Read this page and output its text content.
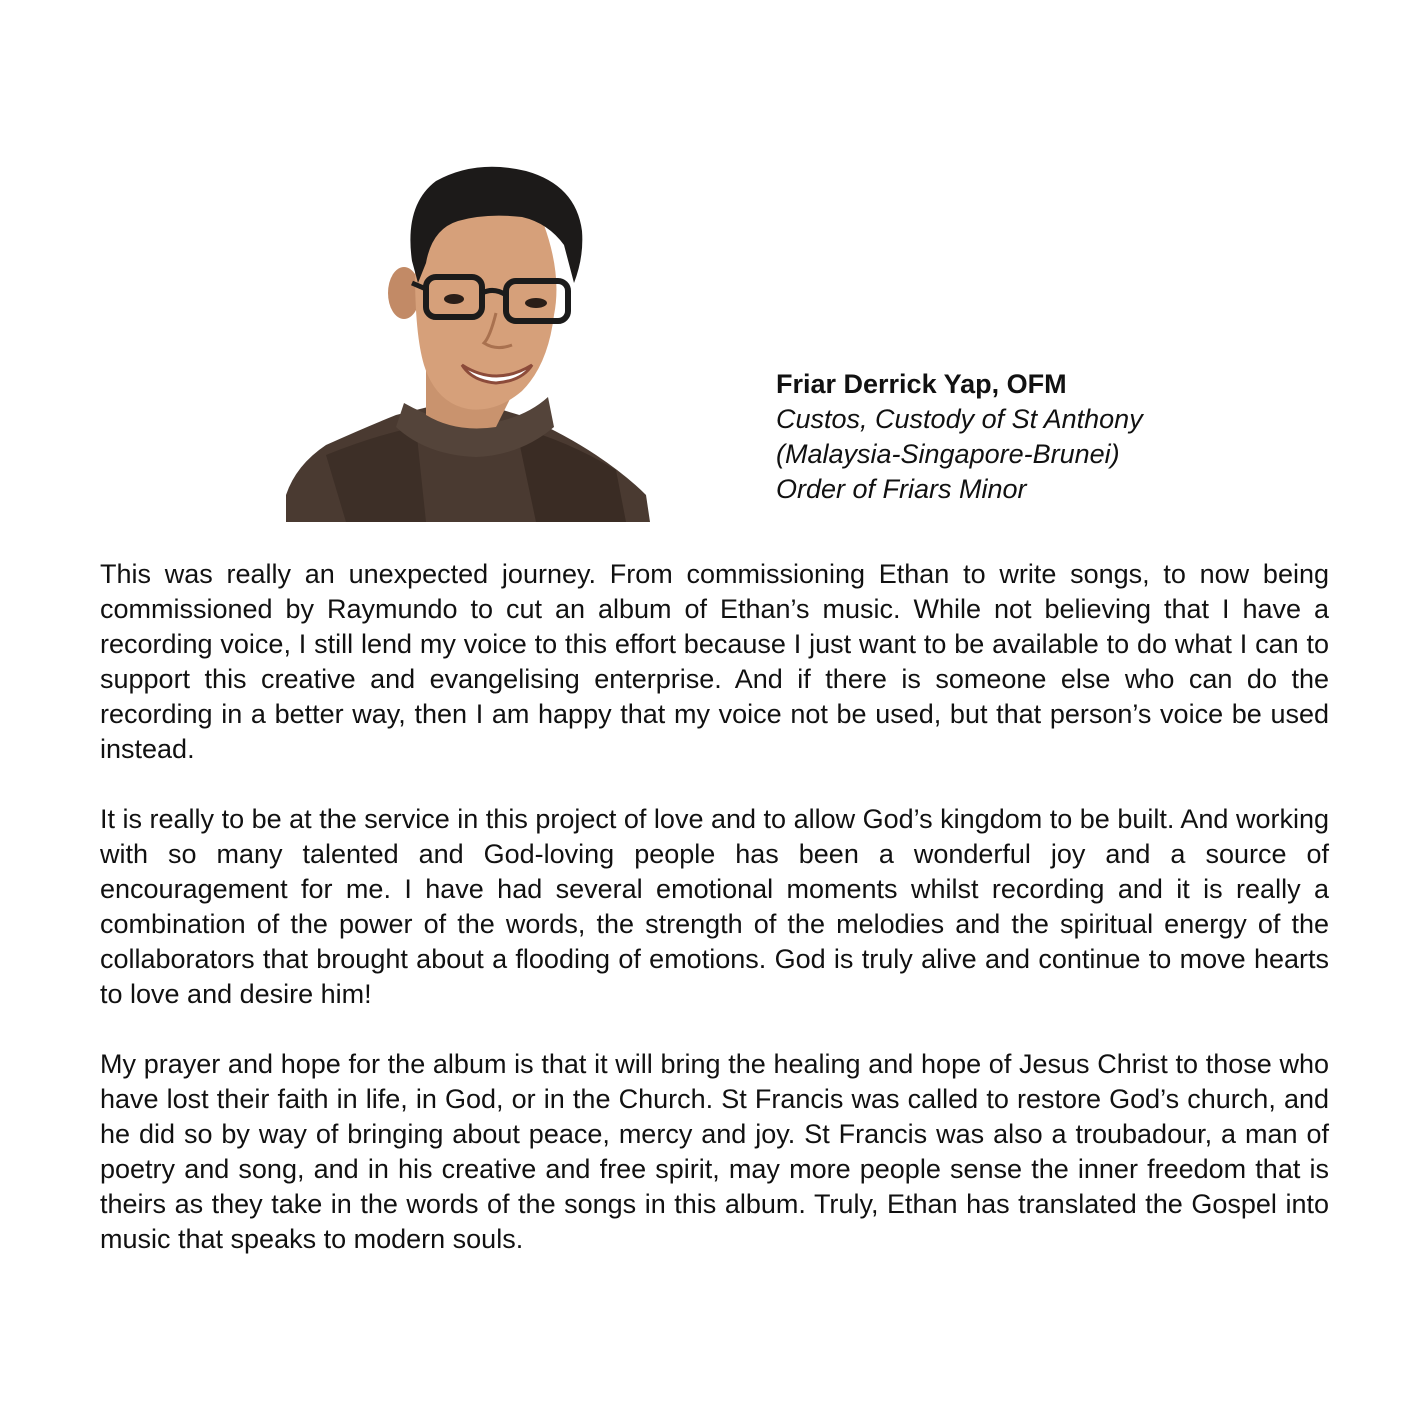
Friar Derrick Yap, OFM
Custos, Custody of St Anthony
(Malaysia-Singapore-Brunei)
Order of Friars Minor

This was really an unexpected journey. From commissioning Ethan to write songs, to now being commissioned by Raymundo to cut an album of Ethan’s music. While not believing that I have a recording voice, I still lend my voice to this effort because I just want to be available to do what I can to support this creative and evangelising enterprise. And if there is someone else who can do the recording in a better way, then I am happy that my voice not be used, but that person’s voice be used instead.

It is really to be at the service in this project of love and to allow God’s kingdom to be built. And working with so many talented and God-loving people has been a wonderful joy and a source of encouragement for me. I have had several emotional moments whilst recording and it is really a combination of the power of the words, the strength of the melodies and the spiritual energy of the collaborators that brought about a flooding of emotions. God is truly alive and continue to move hearts to love and desire him!

My prayer and hope for the album is that it will bring the healing and hope of Jesus Christ to those who have lost their faith in life, in God, or in the Church. St Francis was called to restore God’s church, and he did so by way of bringing about peace, mercy and joy. St Francis was also a troubadour, a man of poetry and song, and in his creative and free spirit, may more people sense the inner freedom that is theirs as they take in the words of the songs in this album. Truly, Ethan has translated the Gospel into music that speaks to modern souls.
